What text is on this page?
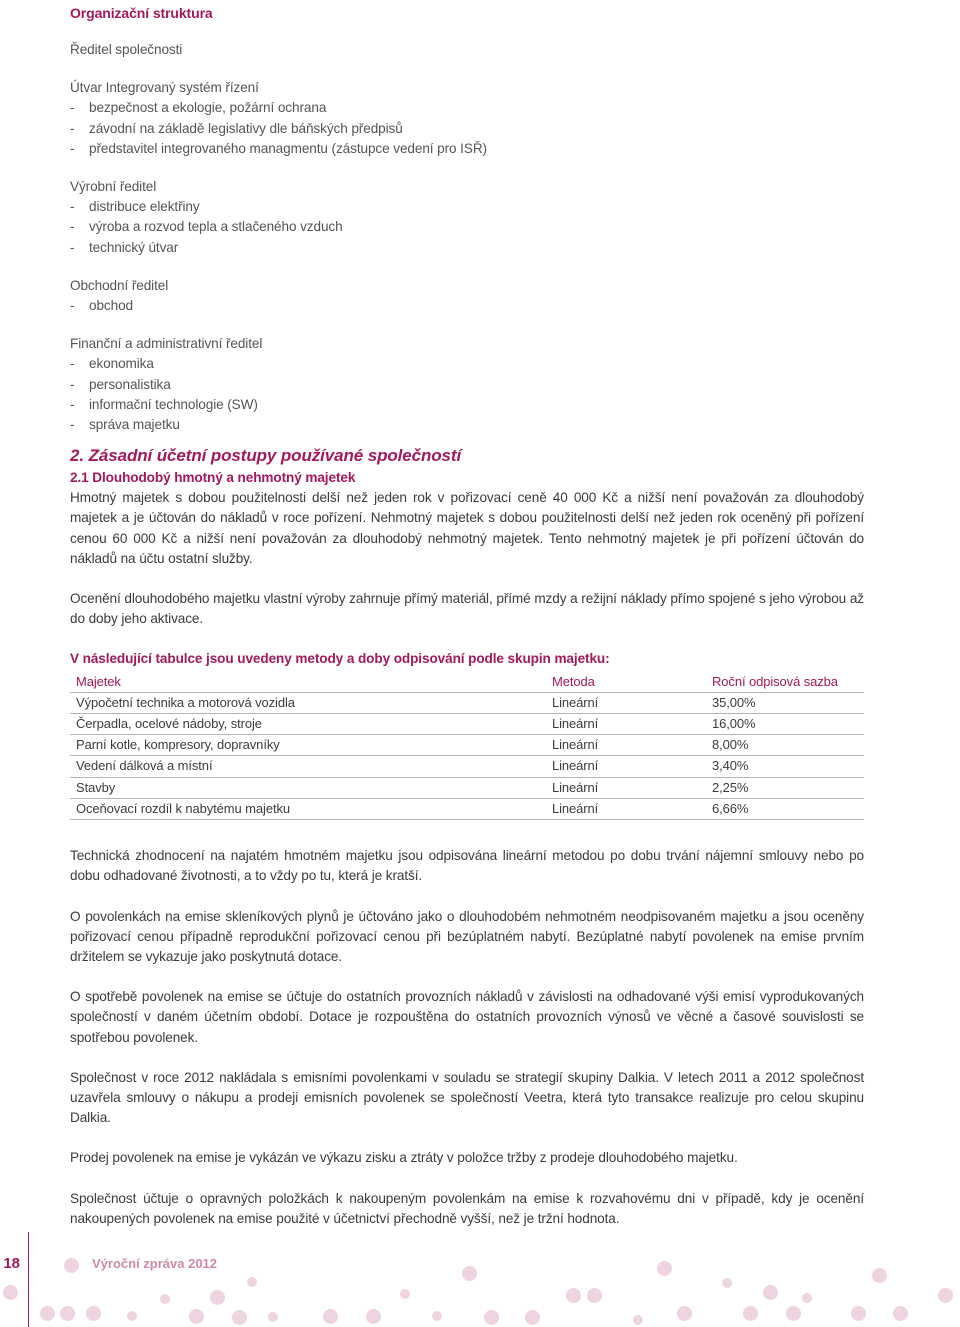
Organizační struktura

Ředitel společnosti

Útvar Integrovaný systém řízení

- bezpečnost a ekologie, požární ochrana

- závodní na základě legislativy dle báňských předpisů

- představitel integrovaného managmentu (zástupce vedení pro ISŘ)

Výrobní ředitel

- distribuce elektřiny

- výroba a rozvod tepla a stlačeného vzduch

- technický útvar

Obchodní ředitel

- obchod

Finanční a administrativní ředitel

- ekonomika

- personalistika

- informační technologie (SW)

- správa majetku

2. Zásadní účetní postupy používané společností
2.1 Dlouhodobý hmotný a nehmotný majetek

Hmotný majetek s dobou použitelnosti delší než jeden rok v pořizovací ceně 40 000 Kč a nižší není považován za dlouhodobý majetek a je účtován do nákladů v roce pořízení. Nehmotný majetek s dobou použitelnosti delší než jeden rok oceněný při pořízení cenou 60 000 Kč a nižší není považován za dlouhodobý nehmotný majetek. Tento nehmotný majetek je při pořízení účtován do nákladů na účtu ostatní služby.

Ocenění dlouhodobého majetku vlastní výroby zahrnuje přímý materiál, přímé mzdy a režijní náklady přímo spojené s jeho výrobou až do doby jeho aktivace.

V následující tabulce jsou uvedeny metody a doby odpisování podle skupin majetku:

Majetek	Metoda	Roční odpisová sazba
Výpočetní technika a motorová vozidla	Lineární	35,00%
Čerpadla, ocelové nádoby, stroje	Lineární	16,00%
Parní kotle, kompresory, dopravníky	Lineární	8,00%
Vedení dálková a místní	Lineární	3,40%
Stavby	Lineární	2,25%
Oceňovací rozdíl k nabytému majetku	Lineární	6,66%

Technická zhodnocení na najatém hmotném majetku jsou odpisována lineární metodou po dobu trvání nájemní smlouvy nebo po dobu odhadované životnosti, a to vždy po tu, která je kratší.

O povolenkách na emise skleníkových plynů je účtováno jako o dlouhodobém nehmotném neodpisovaném majetku a jsou oceněny pořizovací cenou případně reprodukční pořizovací cenou při bezúplatném nabytí. Bezúplatné nabytí povolenek na emise prvním držitelem se vykazuje jako poskytnutá dotace.

O spotřebě povolenek na emise se účtuje do ostatních provozních nákladů v závislosti na odhadované výši emisí vyprodukovaných společností v daném účetním období. Dotace je rozpouštěna do ostatních provozních výnosů ve věcné a časové souvislosti se spotřebou povolenek.

Společnost v roce 2012 nakládala s emisními povolenkami v souladu se strategií skupiny Dalkia. V letech 2011 a 2012 společnost uzavřela smlouvy o nákupu a prodeji emisních povolenek se společností Veetra, která tyto transakce realizuje pro celou skupinu Dalkia.

Prodej povolenek na emise je vykázán ve výkazu zisku a ztráty v položce tržby z prodeje dlouhodobého majetku.

Společnost účtuje o opravných položkách k nakoupeným povolenkám na emise k rozvahovému dni v případě, kdy je ocenění nakoupených povolenek na emise použité v účetnictví přechodně vyšší, než je tržní hodnota.

18	Výroční zpráva 2012
